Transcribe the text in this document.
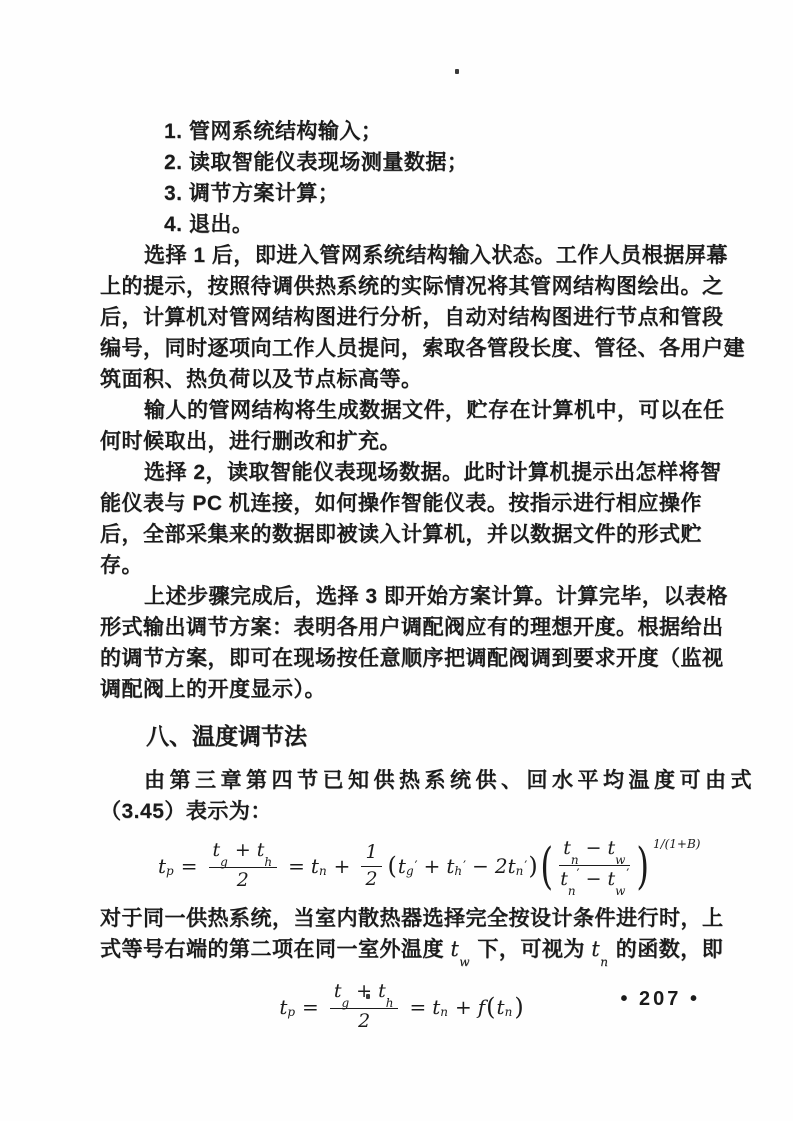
1. 管网系统结构输入；
2. 读取智能仪表现场测量数据；
3. 调节方案计算；
4. 退出。
选择 1 后，即进入管网系统结构输入状态。工作人员根据屏幕
上的提示，按照待调供热系统的实际情况将其管网结构图绘出。之
后，计算机对管网结构图进行分析，自动对结构图进行节点和管段
编号，同时逐项向工作人员提问，索取各管段长度、管径、各用户建
筑面积、热负荷以及节点标高等。
输人的管网结构将生成数据文件，贮存在计算机中，可以在任
何时候取出，进行删改和扩充。
选择 2，读取智能仪表现场数据。此时计算机提示出怎样将智
能仪表与 PC 机连接，如何操作智能仪表。按指示进行相应操作
后，全部采集来的数据即被读入计算机，并以数据文件的形式贮
存。
上述步骤完成后，选择 3 即开始方案计算。计算完毕，以表格
形式输出调节方案：表明各用户调配阀应有的理想开度。根据给出
的调节方案，即可在现场按任意顺序把调配阀调到要求开度（监视
调配阀上的开度显示）。
八、温度调节法
由第三章第四节已知供热系统供、回水平均温度可由式
（3.45）表示为：
$t_p = \frac{t_g+ t_h}{2} = t_n + \frac{1}{2}$ ( $t_g$ ′ + $t_h$ ′ − $2t_n$ ′ ) ( $\frac{t_n- t_w}{t_n' - t_w'}$ ) $^{1/(1+B)}$
对于同一供热系统，当室内散热器选择完全按设计条件进行时，上
式等号右端的第二项在同一室外温度 $t_w$ 下，可视为 $t_n$ 的函数，即
$t_p = \frac{t_g+ t_h}{2} = t_n + f$ ( $t_n$ )	• 207 •
